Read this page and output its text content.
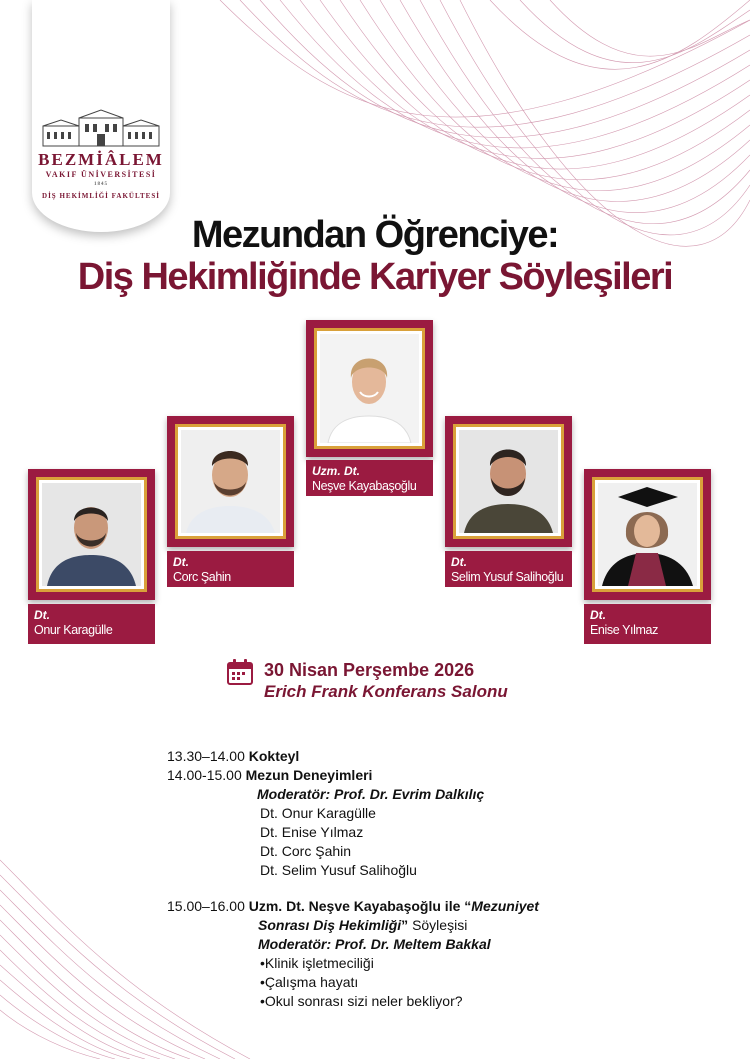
BEZMİÂLEM
VAKIF ÜNİVERSİTESİ
1845
DİŞ HEKİMLİĞİ FAKÜLTESİ
Mezundan Öğrenciye:
Diş Hekimliğinde Kariyer Söyleşileri
Dt.
Onur Karagülle
Dt.
Corc Şahin
Uzm. Dt.
Neşve Kayabaşoğlu
Dt.
Selim Yusuf Salihoğlu
Dt.
Enise Yılmaz
30 Nisan Perşembe 2026
Erich Frank Konferans Salonu
13.30–14.00 Kokteyl
14.00-15.00 Mezun Deneyimleri
Moderatör: Prof. Dr. Evrim Dalkılıç
Dt. Onur Karagülle
Dt. Enise Yılmaz
Dt. Corc Şahin
Dt. Selim Yusuf Salihoğlu
15.00–16.00 Uzm. Dt. Neşve Kayabaşoğlu ile “Mezuniyet
Sonrası Diş Hekimliği” Söyleşisi
Moderatör: Prof. Dr. Meltem Bakkal
•Klinik işletmeciliği
•Çalışma hayatı
•Okul sonrası sizi neler bekliyor?
